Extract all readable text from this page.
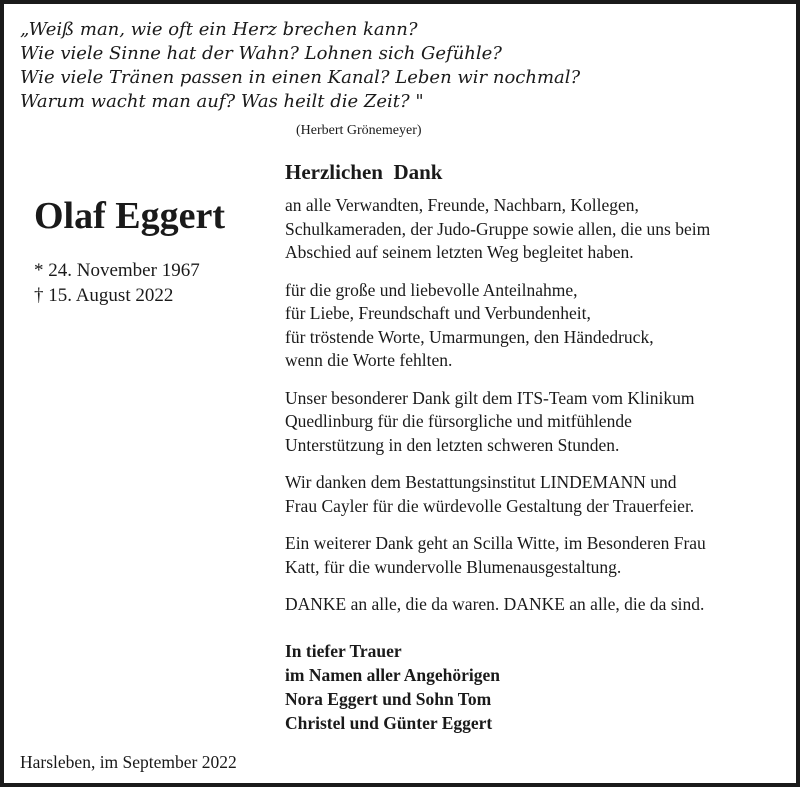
„Weiß man, wie oft ein Herz brechen kann?
Wie viele Sinne hat der Wahn? Lohnen sich Gefühle?
Wie viele Tränen passen in einen Kanal? Leben wir nochmal?
Warum wacht man auf? Was heilt die Zeit? "
(Herbert Grönemeyer)
Olaf Eggert
* 24. November 1967
† 15. August 2022
Herzlichen  Dank
an alle Verwandten, Freunde, Nachbarn, Kollegen,
Schulkameraden, der Judo-Gruppe sowie allen, die uns beim
Abschied auf seinem letzten Weg begleitet haben.
für die große und liebevolle Anteilnahme,
für Liebe, Freundschaft und Verbundenheit,
für tröstende Worte, Umarmungen, den Händedruck,
wenn die Worte fehlten.
Unser besonderer Dank gilt dem ITS-Team vom Klinikum
Quedlinburg für die fürsorgliche und mitfühlende
Unterstützung in den letzten schweren Stunden.
Wir danken dem Bestattungsinstitut LINDEMANN und
Frau Cayler für die würdevolle Gestaltung der Trauerfeier.
Ein weiterer Dank geht an Scilla Witte, im Besonderen Frau
Katt, für die wundervolle Blumenausgestaltung.
DANKE an alle, die da waren. DANKE an alle, die da sind.
In tiefer Trauer
im Namen aller Angehörigen
Nora Eggert und Sohn Tom
Christel und Günter Eggert
Harsleben, im September 2022
